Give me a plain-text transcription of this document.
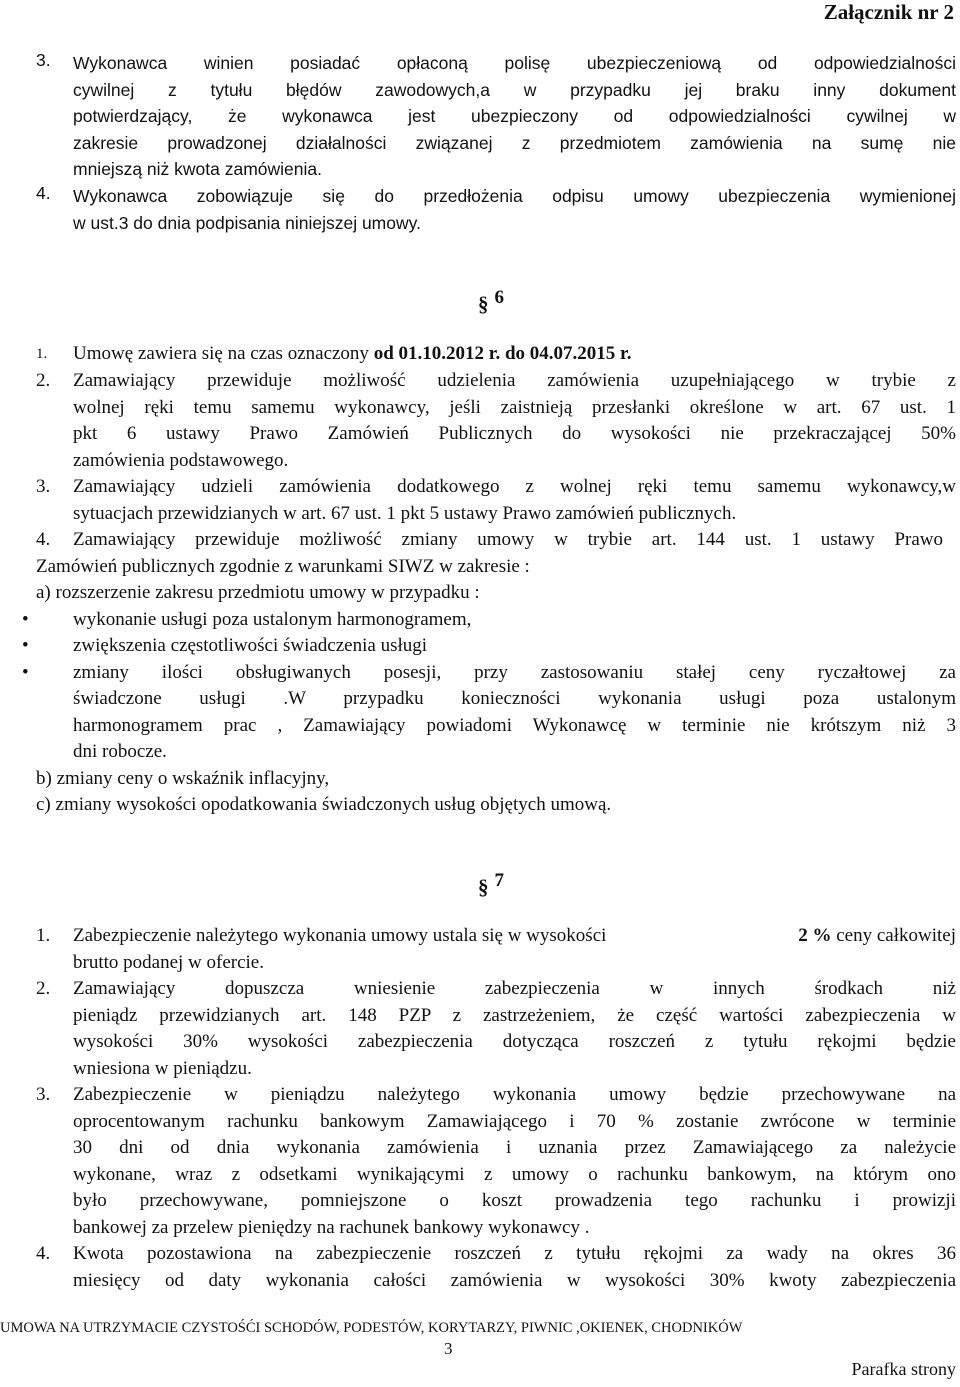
Załącznik nr 2
3. Wykonawca winien posiadać opłaconą polisę ubezpieczeniową od odpowiedzialności
cywilnej z tytułu błędów zawodowych,a w przypadku jej braku inny dokument
potwierdzający, że wykonawca jest ubezpieczony od odpowiedzialności cywilnej w
zakresie prowadzonej działalności związanej z przedmiotem zamówienia na sumę nie
mniejszą niż kwota zamówienia.
4. Wykonawca zobowiązuje się do przedłożenia odpisu umowy ubezpieczenia wymienionej
w ust.3 do dnia podpisania niniejszej umowy.
§ 6
1. Umowę zawiera się na czas oznaczony od 01.10.2012 r. do 04.07.2015 r.
2. Zamawiający przewiduje możliwość udzielenia zamówienia uzupełniającego w trybie z
wolnej ręki temu samemu wykonawcy, jeśli zaistnieją przesłanki określone w art. 67 ust. 1
pkt 6 ustawy Prawo Zamówień Publicznych do wysokości nie przekraczającej 50%
zamówienia podstawowego.
3. Zamawiający udzieli zamówienia dodatkowego z wolnej ręki temu samemu wykonawcy,w
sytuacjach przewidzianych w art. 67 ust. 1 pkt 5 ustawy Prawo zamówień publicznych.
4. Zamawiający przewiduje możliwość zmiany umowy w trybie art. 144 ust. 1 ustawy Prawo
Zamówień publicznych zgodnie z warunkami SIWZ w zakresie :
a) rozszerzenie zakresu przedmiotu umowy w przypadku :
• wykonanie usługi poza ustalonym harmonogramem,
• zwiększenia częstotliwości świadczenia usługi
• zmiany ilości obsługiwanych posesji, przy zastosowaniu stałej ceny ryczałtowej za
świadczone usługi .W przypadku konieczności wykonania usługi poza ustalonym
harmonogramem prac , Zamawiający powiadomi Wykonawcę w terminie nie krótszym niż 3
dni robocze.
b) zmiany ceny o wskaźnik inflacyjny,
c) zmiany wysokości opodatkowania świadczonych usług objętych umową.
§ 7
1. Zabezpieczenie należytego wykonania umowy ustala się w wysokości	2 % ceny całkowitej
brutto podanej w ofercie.
2. Zamawiający dopuszcza wniesienie zabezpieczenia w innych środkach niż
pieniądz przewidzianych art. 148 PZP z zastrzeżeniem, że część wartości zabezpieczenia w
wysokości 30% wysokości zabezpieczenia dotycząca roszczeń z tytułu rękojmi będzie
wniesiona w pieniądzu.
3. Zabezpieczenie w pieniądzu należytego wykonania umowy będzie przechowywane na
oprocentowanym rachunku bankowym Zamawiającego i 70 % zostanie zwrócone w terminie
30 dni od dnia wykonania zamówienia i uznania przez Zamawiającego za należycie
wykonane, wraz z odsetkami wynikającymi z umowy o rachunku bankowym, na którym ono
było przechowywane, pomniejszone o koszt prowadzenia tego rachunku i prowizji
bankowej za przelew pieniędzy na rachunek bankowy wykonawcy .
4. Kwota pozostawiona na zabezpieczenie roszczeń z tytułu rękojmi za wady na okres 36
miesięcy od daty wykonania całości zamówienia w wysokości 30% kwoty zabezpieczenia
UMOWA NA UTRZYMACIE CZYSTOŚĆI SCHODÓW, PODESTÓW, KORYTARZY, PIWNIC ,OKIENEK, CHODNIKÓW
3
Parafka strony
